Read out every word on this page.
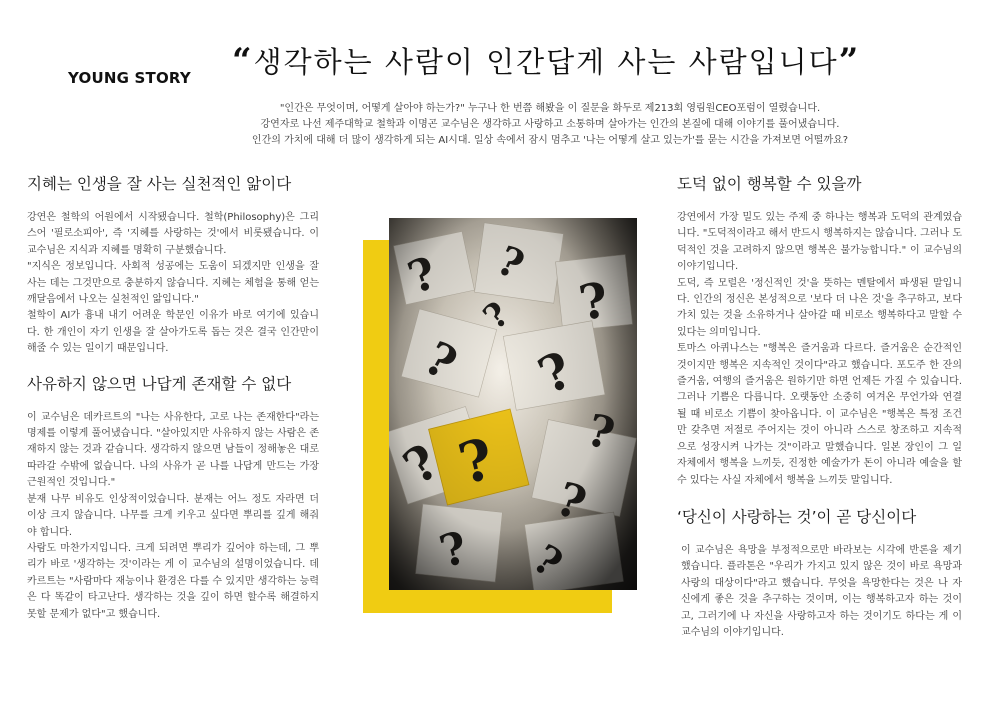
YOUNG STORY “생각하는 사람이 인간답게 사는 사람입니다”

"인간은 무엇이며, 어떻게 살아야 하는가?" 누구나 한 번쯤 해봤을 이 질문을 화두로 제213회 영림원CEO포럼이 열렸습니다.

강연자로 나선 제주대학교 철학과 이명곤 교수님은 생각하고 사랑하고 소통하며 살아가는 인간의 본질에 대해 이야기를 풀어냈습니다.

인간의 가치에 대해 더 많이 생각하게 되는 AI시대. 일상 속에서 잠시 멈추고 '나는 어떻게 살고 있는가'를 묻는 시간을 가져보면 어떨까요?

지혜는 인생을 잘 사는 실천적인 앎이다

강연은 철학의 어원에서 시작됐습니다. 철학(Philosophy)은 그리스어 '필로소피아', 즉 '지혜를 사랑하는 것'에서 비롯됐습니다. 이 교수님은 지식과 지혜를 명확히 구분했습니다.

"지식은 정보입니다. 사회적 성공에는 도움이 되겠지만 인생을 잘 사는 데는 그것만으로 충분하지 않습니다. 지혜는 체험을 통해 얻는 깨달음에서 나오는 실천적인 앎입니다."

철학이 AI가 흉내 내기 어려운 학문인 이유가 바로 여기에 있습니다. 한 개인이 자기 인생을 잘 살아가도록 돕는 것은 결국 인간만이 해줄 수 있는 일이기 때문입니다.

사유하지 않으면 나답게 존재할 수 없다

이 교수님은 데카르트의 "나는 사유한다, 고로 나는 존재한다"라는 명제를 이렇게 풀어냈습니다. "살아있지만 사유하지 않는 사람은 존재하지 않는 것과 같습니다. 생각하지 않으면 남들이 정해놓은 대로 따라갈 수밖에 없습니다. 나의 사유가 곧 나를 나답게 만드는 가장 근원적인 것입니다."

분재 나무 비유도 인상적이었습니다. 분재는 어느 정도 자라면 더 이상 크지 않습니다. 나무를 크게 키우고 싶다면 뿌리를 깊게 해줘야 합니다.

사람도 마찬가지입니다. 크게 되려면 뿌리가 깊어야 하는데, 그 뿌리가 바로 '생각하는 것'이라는 게 이 교수님의 설명이었습니다. 데카르트는 "사람마다 재능이나 환경은 다를 수 있지만 생각하는 능력은 다 똑같이 타고난다. 생각하는 것을 깊이 하면 할수록 해결하지 못할 문제가 없다"고 했습니다.

도덕 없이 행복할 수 있을까

강연에서 가장 밀도 있는 주제 중 하나는 행복과 도덕의 관계였습니다. "도덕적이라고 해서 반드시 행복하지는 않습니다. 그러나 도덕적인 것을 고려하지 않으면 행복은 불가능합니다." 이 교수님의 이야기입니다.

도덕, 즉 모럴은 '정신적인 것'을 뜻하는 멘탈에서 파생된 말입니다. 인간의 정신은 본성적으로 '보다 더 나은 것'을 추구하고, 보다 가치 있는 것을 소유하거나 살아갈 때 비로소 행복하다고 말할 수 있다는 의미입니다.

토마스 아퀴나스는 "행복은 즐거움과 다르다. 즐거움은 순간적인 것이지만 행복은 지속적인 것이다"라고 했습니다. 포도주 한 잔의 즐거움, 여행의 즐거움은 원하기만 하면 언제든 가질 수 있습니다. 그러나 기쁨은 다릅니다. 오랫동안 소중히 여겨온 무언가와 연결될 때 비로소 기쁨이 찾아옵니다. 이 교수님은 "행복은 특정 조건만 갖추면 저절로 주어지는 것이 아니라 스스로 창조하고 지속적으로 성장시켜 나가는 것"이라고 말했습니다. 일본 장인이 그 일 자체에서 행복을 느끼듯, 진정한 예술가가 돈이 아니라 예술을 할 수 있다는 사실 자체에서 행복을 느끼듯 말입니다.

‘당신이 사랑하는 것’이 곧 당신이다

이 교수님은 욕망을 부정적으로만 바라보는 시각에 반론을 제기했습니다. 플라톤은 "우리가 가지고 있지 않은 것이 바로 욕망과 사랑의 대상이다"라고 했습니다. 무엇을 욕망한다는 것은 나 자신에게 좋은 것을 추구하는 것이며, 이는 행복하고자 하는 것이고, 그러기에 나 자신을 사랑하고자 하는 것이기도 하다는 게 이 교수님의 이야기입니다.
